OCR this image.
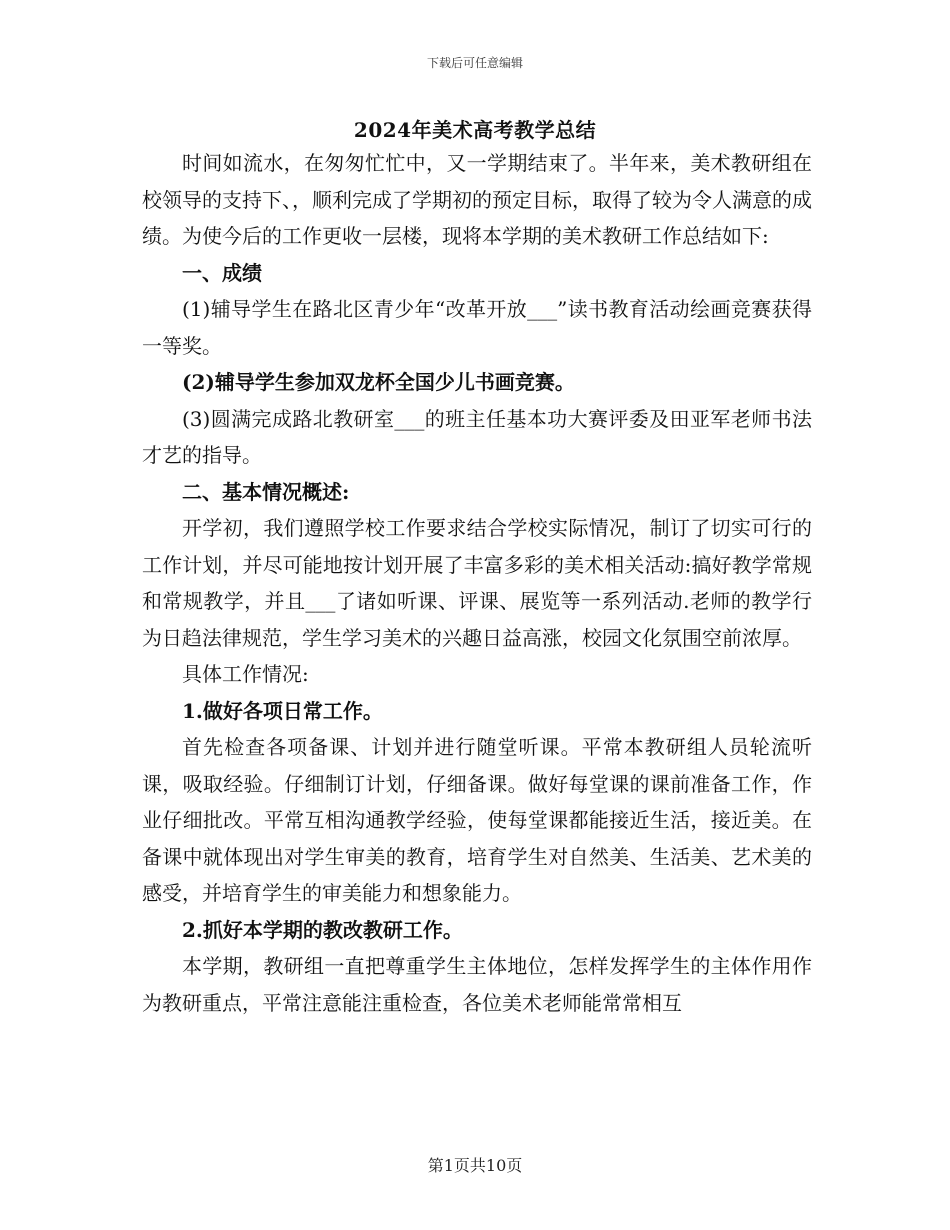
下载后可任意编辑
2024年美术高考教学总结

时间如流水，在匆匆忙忙中，又一学期结束了。半年来，美术教研组在校领导的支持下、，顺利完成了学期初的预定目标，取得了较为令人满意的成绩。为使今后的工作更收一层楼，现将本学期的美术教研工作总结如下:

一、成绩

(1)辅导学生在路北区青少年“改革开放___”读书教育活动绘画竞赛获得一等奖。

(2)辅导学生参加双龙杯全国少儿书画竞赛。

(3)圆满完成路北教研室___的班主任基本功大赛评委及田亚军老师书法才艺的指导。

二、基本情况概述:

开学初，我们遵照学校工作要求结合学校实际情况，制订了切实可行的工作计划，并尽可能地按计划开展了丰富多彩的美术相关活动:搞好教学常规和常规教学，并且___了诸如听课、评课、展览等一系列活动.老师的教学行为日趋法律规范，学生学习美术的兴趣日益高涨，校园文化氛围空前浓厚。

具体工作情况:

1.做好各项日常工作。

首先检查各项备课、计划并进行随堂听课。平常本教研组人员轮流听课，吸取经验。仔细制订计划，仔细备课。做好每堂课的课前准备工作，作业仔细批改。平常互相沟通教学经验，使每堂课都能接近生活，接近美。在备课中就体现出对学生审美的教育，培育学生对自然美、生活美、艺术美的感受，并培育学生的审美能力和想象能力。

2.抓好本学期的教改教研工作。

本学期，教研组一直把尊重学生主体地位，怎样发挥学生的主体作用作为教研重点，平常注意能注重检查，各位美术老师能常常相互

第1页共10页
